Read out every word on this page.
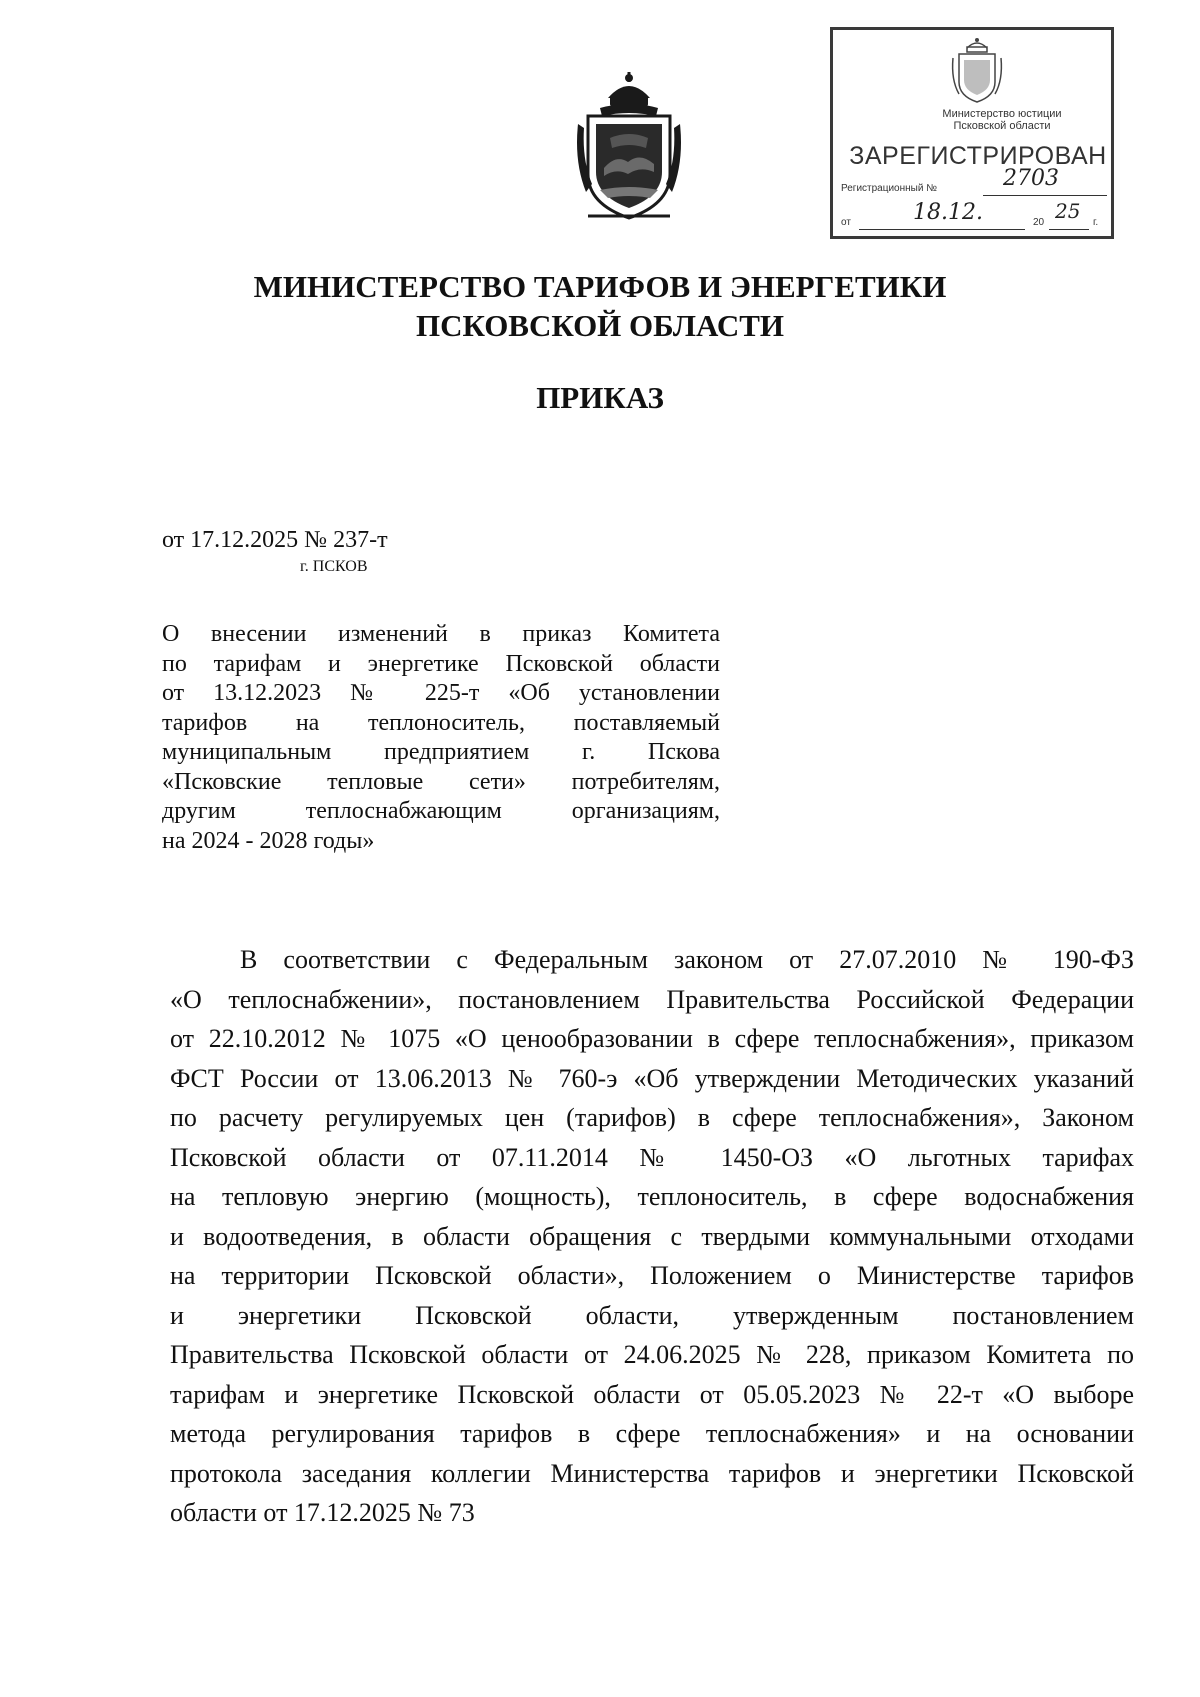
Министерство юстиции
Псковской области
ЗАРЕГИСТРИРОВАН
Регистрационный №	2703
от	18.12.	20 25 г.
МИНИСТЕРСТВО ТАРИФОВ И ЭНЕРГЕТИКИ
ПСКОВСКОЙ ОБЛАСТИ
ПРИКАЗ
от 17.12.2025 № 237-т
г. ПСКОВ
О внесении изменений в приказ Комитета
по тарифам и энергетике Псковской области
от 13.12.2023 № 225-т «Об установлении
тарифов на теплоноситель, поставляемый
муниципальным предприятием г. Пскова
«Псковские тепловые сети» потребителям,
другим теплоснабжающим организациям,
на 2024 - 2028 годы»
В соответствии с Федеральным законом от 27.07.2010 № 190-ФЗ
«О теплоснабжении», постановлением Правительства Российской Федерации
от 22.10.2012 № 1075 «О ценообразовании в сфере теплоснабжения», приказом
ФСТ России от 13.06.2013 № 760-э «Об утверждении Методических указаний
по расчету регулируемых цен (тарифов) в сфере теплоснабжения», Законом
Псковской области от 07.11.2014 № 1450-ОЗ «О льготных тарифах
на тепловую энергию (мощность), теплоноситель, в сфере водоснабжения
и водоотведения, в области обращения с твердыми коммунальными отходами
на территории Псковской области», Положением о Министерстве тарифов
и энергетики Псковской области, утвержденным постановлением
Правительства Псковской области от 24.06.2025 № 228, приказом Комитета по
тарифам и энергетике Псковской области от 05.05.2023 № 22-т «О выборе
метода регулирования тарифов в сфере теплоснабжения» и на основании
протокола заседания коллегии Министерства тарифов и энергетики Псковской
области от 17.12.2025 № 73
